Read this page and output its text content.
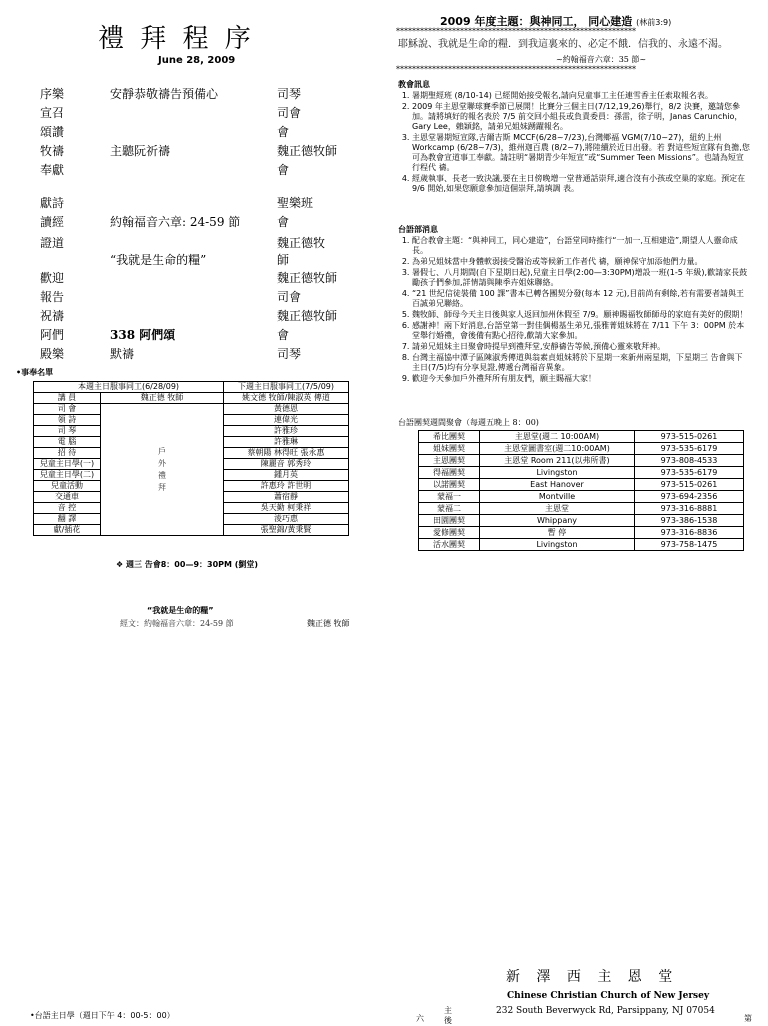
禮 拜 程 序
June 28, 2009
序樂	安靜恭敬禱告預備心	司琴
宣召	司會
頌讚	會
牧禱	主聽阮祈禱	魏正德牧師
奉獻	會
獻詩	聖樂班
讀經	約翰福音六章: 24-59 節	會
證道	魏正德牧
“我就是生命的糧”	師
歡迎	魏正德牧師
報告	司會
祝禱	魏正德牧師
阿們	338 阿們頌	會
殿樂	默禱	司琴
•事奉名單
本週主日服事同工(6/28/09)		下週主日服事同工(7/5/09)
講 員	魏正德 牧師	姚文德 牧師/陳淑英 傳道
司 會	戶外禮拜	黃德恩
領 詩		連偉光
司 琴		許雅珍
電 腦		許雅琳
招 待		蔡朝陽 林得旺 張永惠
兒童主日學(一)		陳麗音 郭秀玲
兒童主日學(二)		鍾月英
兒童活動		許惠玲 許世明
交通車		蕭宿靜
音 控		吳天勤 柯秉祥
翻 譯		淩巧惠
獻/插花		張聖錦/黃秉賢
❖ 週三 告會8：00—9：30PM (劉堂)
“我就是生命的糧”
經文：約翰福音六章：24-59 節	魏正德 牧師
2009 年度主題：與神同工， 同心建造 (林前3:9)
************************************************************
耶穌說、我就是生命的糧．到我這裏來的、必定不餓．信我的、永遠不渴。
~約翰福音六章：35 節~
************************************************************
教會訊息
1. 暑期聖經班 (8/10-14) 已經開始接受報名,請向兒童事工主任連雪香主任索取報名表。
2. 2009 年主恩堂聯球賽季節已展開！比賽分三個主日(7/12,19,26)舉行，8/2 決賽，邀請您參加。請將填好的報名表於 7/5 前交回小組長或負責委員：孫雷，徐子明，Janas Carunchio，Gary Lee，賴穎銘，請弟兄姐妹踴躍報名。
3. 主恩堂暑期短宣隊,吉爾吉斯 MCCF(6/28~7/23),台灣鄉福 VGM(7/10~27)，紐約上州 Workcamp (6/28~7/3)，維州迦百農 (8/2~7),將陸續於近日出發。若 對這些短宣隊有負擔,您可為教會宣道事工奉獻。請註明“暑期青少年短宣”或“Summer Teen Missions”。也請為短宣行程代 禱。
4. 經歲執事、長老一致決議,要在主日傍晚增一堂普通話崇拜,適合沒有小孩或空巢的家庭。預定在 9/6 開始,如果您願意參加這個崇拜,請填調 表。
台語部消息
1. 配合教會主題：“與神同工，同心建造”，台語堂同時推行“一加一,互相建造”,期望人人靈命成長。
2. 為弟兄姐妹當中身體軟弱接受醫治或等候新工作者代 禱，願神保守加添他們力量。
3. 暑假七、八月期間(自下星期日起),兒童主日學(2:00—3:30PM)增設一班(1-5 年級),歡請家長鼓勵孩子們參加,詳情請與陳季卉姐妹聯絡。
4. “21 世紀信徒裝備 100 課”書本已轉各團契分發(每本 12 元),目前尚有剩餘,若有需要者請與王百誠弟兄聯絡。
5. 魏牧師、師母今天主日後與家人返回加州休假至 7/9。願神賜福牧師師母的家庭有美好的假期！
6. 感謝神！兩下好消息,台語堂第一對佳偶楊基生弟兄,張雅菁姐妹將在 7/11 下午 3：00PM 於本堂舉行婚禮，會後備有點心招待,歡請大家參加。
7. 請弟兄姐妹主日聚會時提早到禮拜堂,安靜禱告等候,預備心靈來敬拜神。
8. 台灣主福協中潭子區陳淑秀傳道與翁素貞姐妹將於下星期一來新州兩星期，下星期三 告會與下主日(7/5)均有分享見證,傳遞台灣福音異象。
9. 歡迎今天參加戶外禮拜所有朋友們，願主賜福大家！
台語團契週間聚會（每週五晚上 8：00)
希比團契	主恩堂(週二 10:00AM)	973-515-0261
姐妹團契	主恩堂圖書室(週二10:00AM)	973-535-6179
主恩團契	主恩堂 Room 211(以弗所書)	973-808-4533
得福團契	Livingston	973-535-6179
以諾團契	East Hanover	973-515-0261
蒙福一	Montville	973-694-2356
蒙福二	主恩堂	973-316-8881
田園團契	Whippany	973-386-1538
愛修團契	暫 停	973-316-8836
活水團契	Livingston	973-758-1475
新 澤 西 主 恩 堂
Chinese Christian Church of New Jersey
232 South Beverwyck Rd, Parsippany, NJ 07054
•台語主日學（週日下午 4：00-5：00）	六
主
後	第
